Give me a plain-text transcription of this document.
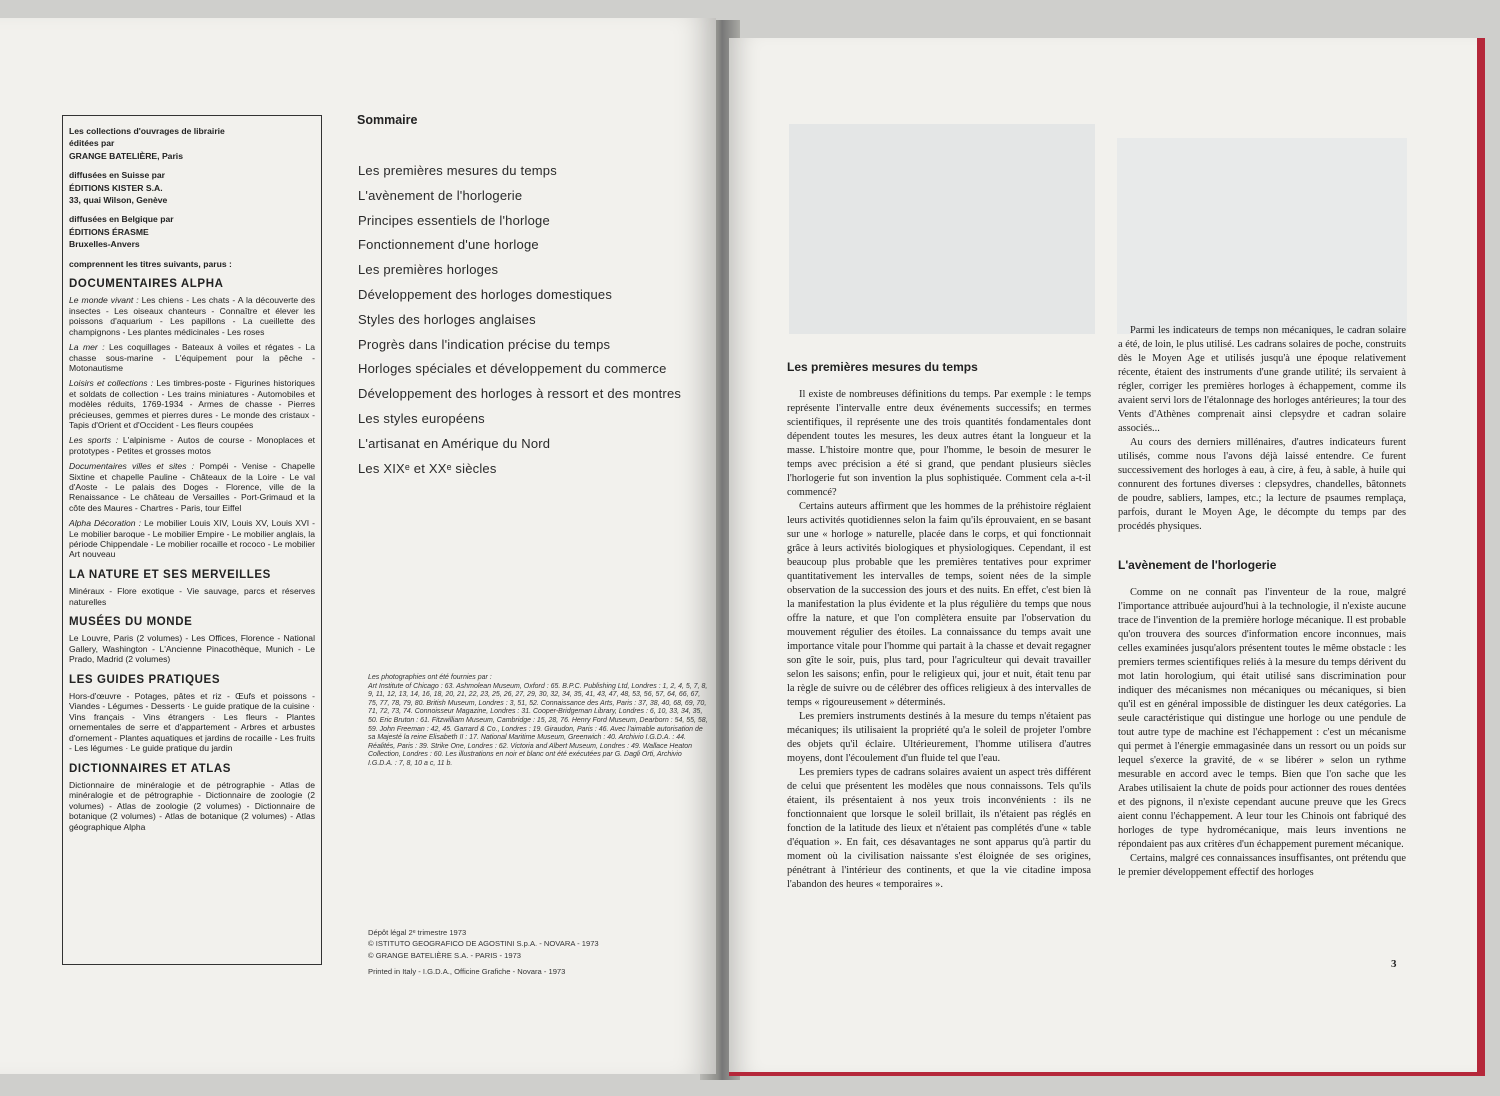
Les collections d'ouvrages de librairie
éditées par
GRANGE BATELIÈRE, Paris
diffusées en Suisse par
ÉDITIONS KISTER S.A.
33, quai Wilson, Genève
diffusées en Belgique par
ÉDITIONS ÉRASME
Bruxelles-Anvers
comprennent les titres suivants, parus :
DOCUMENTAIRES ALPHA

Le monde vivant : Les chiens - Les chats - A la découverte des insectes - Les oiseaux chanteurs - Connaître et élever les poissons d'aquarium - Les papillons - La cueillette des champignons - Les plantes médicinales - Les roses

La mer : Les coquillages - Bateaux à voiles et régates - La chasse sous-marine - L'équipement pour la pêche - Motonautisme

Loisirs et collections : Les timbres-poste - Figurines historiques et soldats de collection - Les trains miniatures - Automobiles et modèles réduits, 1769-1934 - Armes de chasse - Pierres précieuses, gemmes et pierres dures - Le monde des cristaux - Tapis d'Orient et d'Occident - Les fleurs coupées

Les sports : L'alpinisme - Autos de course - Monoplaces et prototypes - Petites et grosses motos

Documentaires villes et sites : Pompéi - Venise - Chapelle Sixtine et chapelle Pauline - Châteaux de la Loire - Le val d'Aoste - Le palais des Doges - Florence, ville de la Renaissance - Le château de Versailles - Port-Grimaud et la côte des Maures - Chartres - Paris, tour Eiffel

Alpha Décoration : Le mobilier Louis XIV, Louis XV, Louis XVI - Le mobilier baroque - Le mobilier Empire - Le mobilier anglais, la période Chippendale - Le mobilier rocaille et rococo - Le mobilier Art nouveau

LA NATURE ET SES MERVEILLES

Minéraux - Flore exotique - Vie sauvage, parcs et réserves naturelles

MUSÉES DU MONDE

Le Louvre, Paris (2 volumes) - Les Offices, Florence - National Gallery, Washington - L'Ancienne Pinacothèque, Munich - Le Prado, Madrid (2 volumes)

LES GUIDES PRATIQUES

Hors-d'œuvre - Potages, pâtes et riz - Œufs et poissons - Viandes - Légumes - Desserts · Le guide pratique de la cuisine · Vins français - Vins étrangers · Les fleurs - Plantes ornementales de serre et d'appartement - Arbres et arbustes d'ornement - Plantes aquatiques et jardins de rocaille - Les fruits - Les légumes · Le guide pratique du jardin

DICTIONNAIRES ET ATLAS

Dictionnaire de minéralogie et de pétrographie - Atlas de minéralogie et de pétrographie - Dictionnaire de zoologie (2 volumes) - Atlas de zoologie (2 volumes) - Dictionnaire de botanique (2 volumes) - Atlas de botanique (2 volumes) - Atlas géographique Alpha

Sommaire
Les premières mesures du temps
L'avènement de l'horlogerie
Principes essentiels de l'horloge
Fonctionnement d'une horloge
Les premières horloges
Développement des horloges domestiques
Styles des horloges anglaises
Progrès dans l'indication précise du temps
Horloges spéciales et développement du commerce
Développement des horloges à ressort et des montres
Les styles européens
L'artisanat en Amérique du Nord
Les XIXᵉ et XXᵉ siècles
Les photographies ont été fournies par :
Art Institute of Chicago : 63. Ashmolean Museum, Oxford : 65. B.P.C. Publishing Ltd, Londres : 1, 2, 4, 5, 7, 8, 9, 11, 12, 13, 14, 16, 18, 20, 21, 22, 23, 25, 26, 27, 29, 30, 32, 34, 35, 41, 43, 47, 48, 53, 56, 57, 64, 66, 67, 75, 77, 78, 79, 80. British Museum, Londres : 3, 51, 52. Connaissance des Arts, Paris : 37, 38, 40, 68, 69, 70, 71, 72, 73, 74. Connoisseur Magazine, Londres : 31. Cooper-Bridgeman Library, Londres : 6, 10, 33, 34, 35, 50. Eric Bruton : 61. Fitzwilliam Museum, Cambridge : 15, 28, 76. Henry Ford Museum, Dearborn : 54, 55, 58, 59. John Freeman : 42, 45. Garrard & Co., Londres : 19. Giraudon, Paris : 46. Avec l'aimable autorisation de sa Majesté la reine Elisabeth II : 17. National Maritime Museum, Greenwich : 40. Archivio I.G.D.A. : 44. Réalités, Paris : 39. Strike One, Londres : 62. Victoria and Albert Museum, Londres : 49. Wallace Heaton Collection, Londres : 60. Les illustrations en noir et blanc ont été exécutées par G. Dagli Orti, Archivio I.G.D.A. : 7, 8, 10 a c, 11 b.
Dépôt légal 2ᵉ trimestre 1973
© ISTITUTO GEOGRAFICO DE AGOSTINI S.p.A. - NOVARA - 1973
© GRANGE BATELIÈRE S.A. - PARIS - 1973
Printed in Italy - I.G.D.A., Officine Grafiche - Novara - 1973
Les premières mesures du temps

Il existe de nombreuses définitions du temps. Par exemple : le temps représente l'intervalle entre deux événements successifs; en termes scientifiques, il représente une des trois quantités fondamentales dont dépendent toutes les mesures, les deux autres étant la longueur et la masse. L'histoire montre que, pour l'homme, le besoin de mesurer le temps avec précision a été si grand, que pendant plusieurs siècles l'horlogerie fut son invention la plus sophistiquée. Comment cela a-t-il commencé?

Certains auteurs affirment que les hommes de la préhistoire réglaient leurs activités quotidiennes selon la faim qu'ils éprouvaient, en se basant sur une « horloge » naturelle, placée dans le corps, et qui fonctionnait grâce à leurs activités biologiques et physiologiques. Cependant, il est beaucoup plus probable que les premières tentatives pour exprimer quantitativement les intervalles de temps, soient nées de la simple observation de la succession des jours et des nuits. En effet, c'est bien là la manifestation la plus évidente et la plus régulière du temps que nous offre la nature, et que l'on complètera ensuite par l'observation du mouvement régulier des étoiles. La connaissance du temps avait une importance vitale pour l'homme qui partait à la chasse et devait regagner son gîte le soir, puis, plus tard, pour l'agriculteur qui devait travailler selon les saisons; enfin, pour le religieux qui, jour et nuit, était tenu par la règle de suivre ou de célébrer des offices religieux à des intervalles de temps « rigoureusement » déterminés.

Les premiers instruments destinés à la mesure du temps n'étaient pas mécaniques; ils utilisaient la propriété qu'a le soleil de projeter l'ombre des objets qu'il éclaire. Ultérieurement, l'homme utilisera d'autres moyens, dont l'écoulement d'un fluide tel que l'eau.

Les premiers types de cadrans solaires avaient un aspect très différent de celui que présentent les modèles que nous connaissons. Tels qu'ils étaient, ils présentaient à nos yeux trois inconvénients : ils ne fonctionnaient que lorsque le soleil brillait, ils n'étaient pas réglés en fonction de la latitude des lieux et n'étaient pas complétés d'une « table d'équation ». En fait, ces désavantages ne sont apparus qu'à partir du moment où la civilisation naissante s'est éloignée de ses origines, pénétrant à l'intérieur des continents, et que la vie citadine imposa l'abandon des heures « temporaires ».

Parmi les indicateurs de temps non mécaniques, le cadran solaire a été, de loin, le plus utilisé. Les cadrans solaires de poche, construits dès le Moyen Age et utilisés jusqu'à une époque relativement récente, étaient des instruments d'une grande utilité; ils servaient à régler, corriger les premières horloges à échappement, comme ils avaient servi lors de l'étalonnage des horloges antérieures; la tour des Vents d'Athènes comprenait ainsi clepsydre et cadran solaire associés...

Au cours des derniers millénaires, d'autres indicateurs furent utilisés, comme nous l'avons déjà laissé entendre. Ce furent successivement des horloges à eau, à cire, à feu, à sable, à huile qui connurent des fortunes diverses : clepsydres, chandelles, bâtonnets de poudre, sabliers, lampes, etc.; la lecture de psaumes remplaça, parfois, durant le Moyen Age, le décompte du temps par des procédés physiques.

L'avènement de l'horlogerie

Comme on ne connaît pas l'inventeur de la roue, malgré l'importance attribuée aujourd'hui à la technologie, il n'existe aucune trace de l'invention de la première horloge mécanique. Il est probable qu'on trouvera des sources d'information encore inconnues, mais celles examinées jusqu'alors présentent toutes le même obstacle : les premiers termes scientifiques reliés à la mesure du temps dérivent du mot latin horologium, qui était utilisé sans discrimination pour indiquer des mécanismes non mécaniques ou mécaniques, si bien qu'il est en général impossible de distinguer les deux catégories. La seule caractéristique qui distingue une horloge ou une pendule de tout autre type de machine est l'échappement : c'est un mécanisme qui permet à l'énergie emmagasinée dans un ressort ou un poids sur lequel s'exerce la gravité, de « se libérer » selon un rythme mesurable en accord avec le temps. Bien que l'on sache que les Arabes utilisaient la chute de poids pour actionner des roues dentées et des pignons, il n'existe cependant aucune preuve que les Grecs aient connu l'échappement. A leur tour les Chinois ont fabriqué des horloges de type hydromécanique, mais leurs inventions ne répondaient pas aux critères d'un échappement purement mécanique.

Certains, malgré ces connaissances insuffisantes, ont prétendu que le premier développement effectif des horloges

3
